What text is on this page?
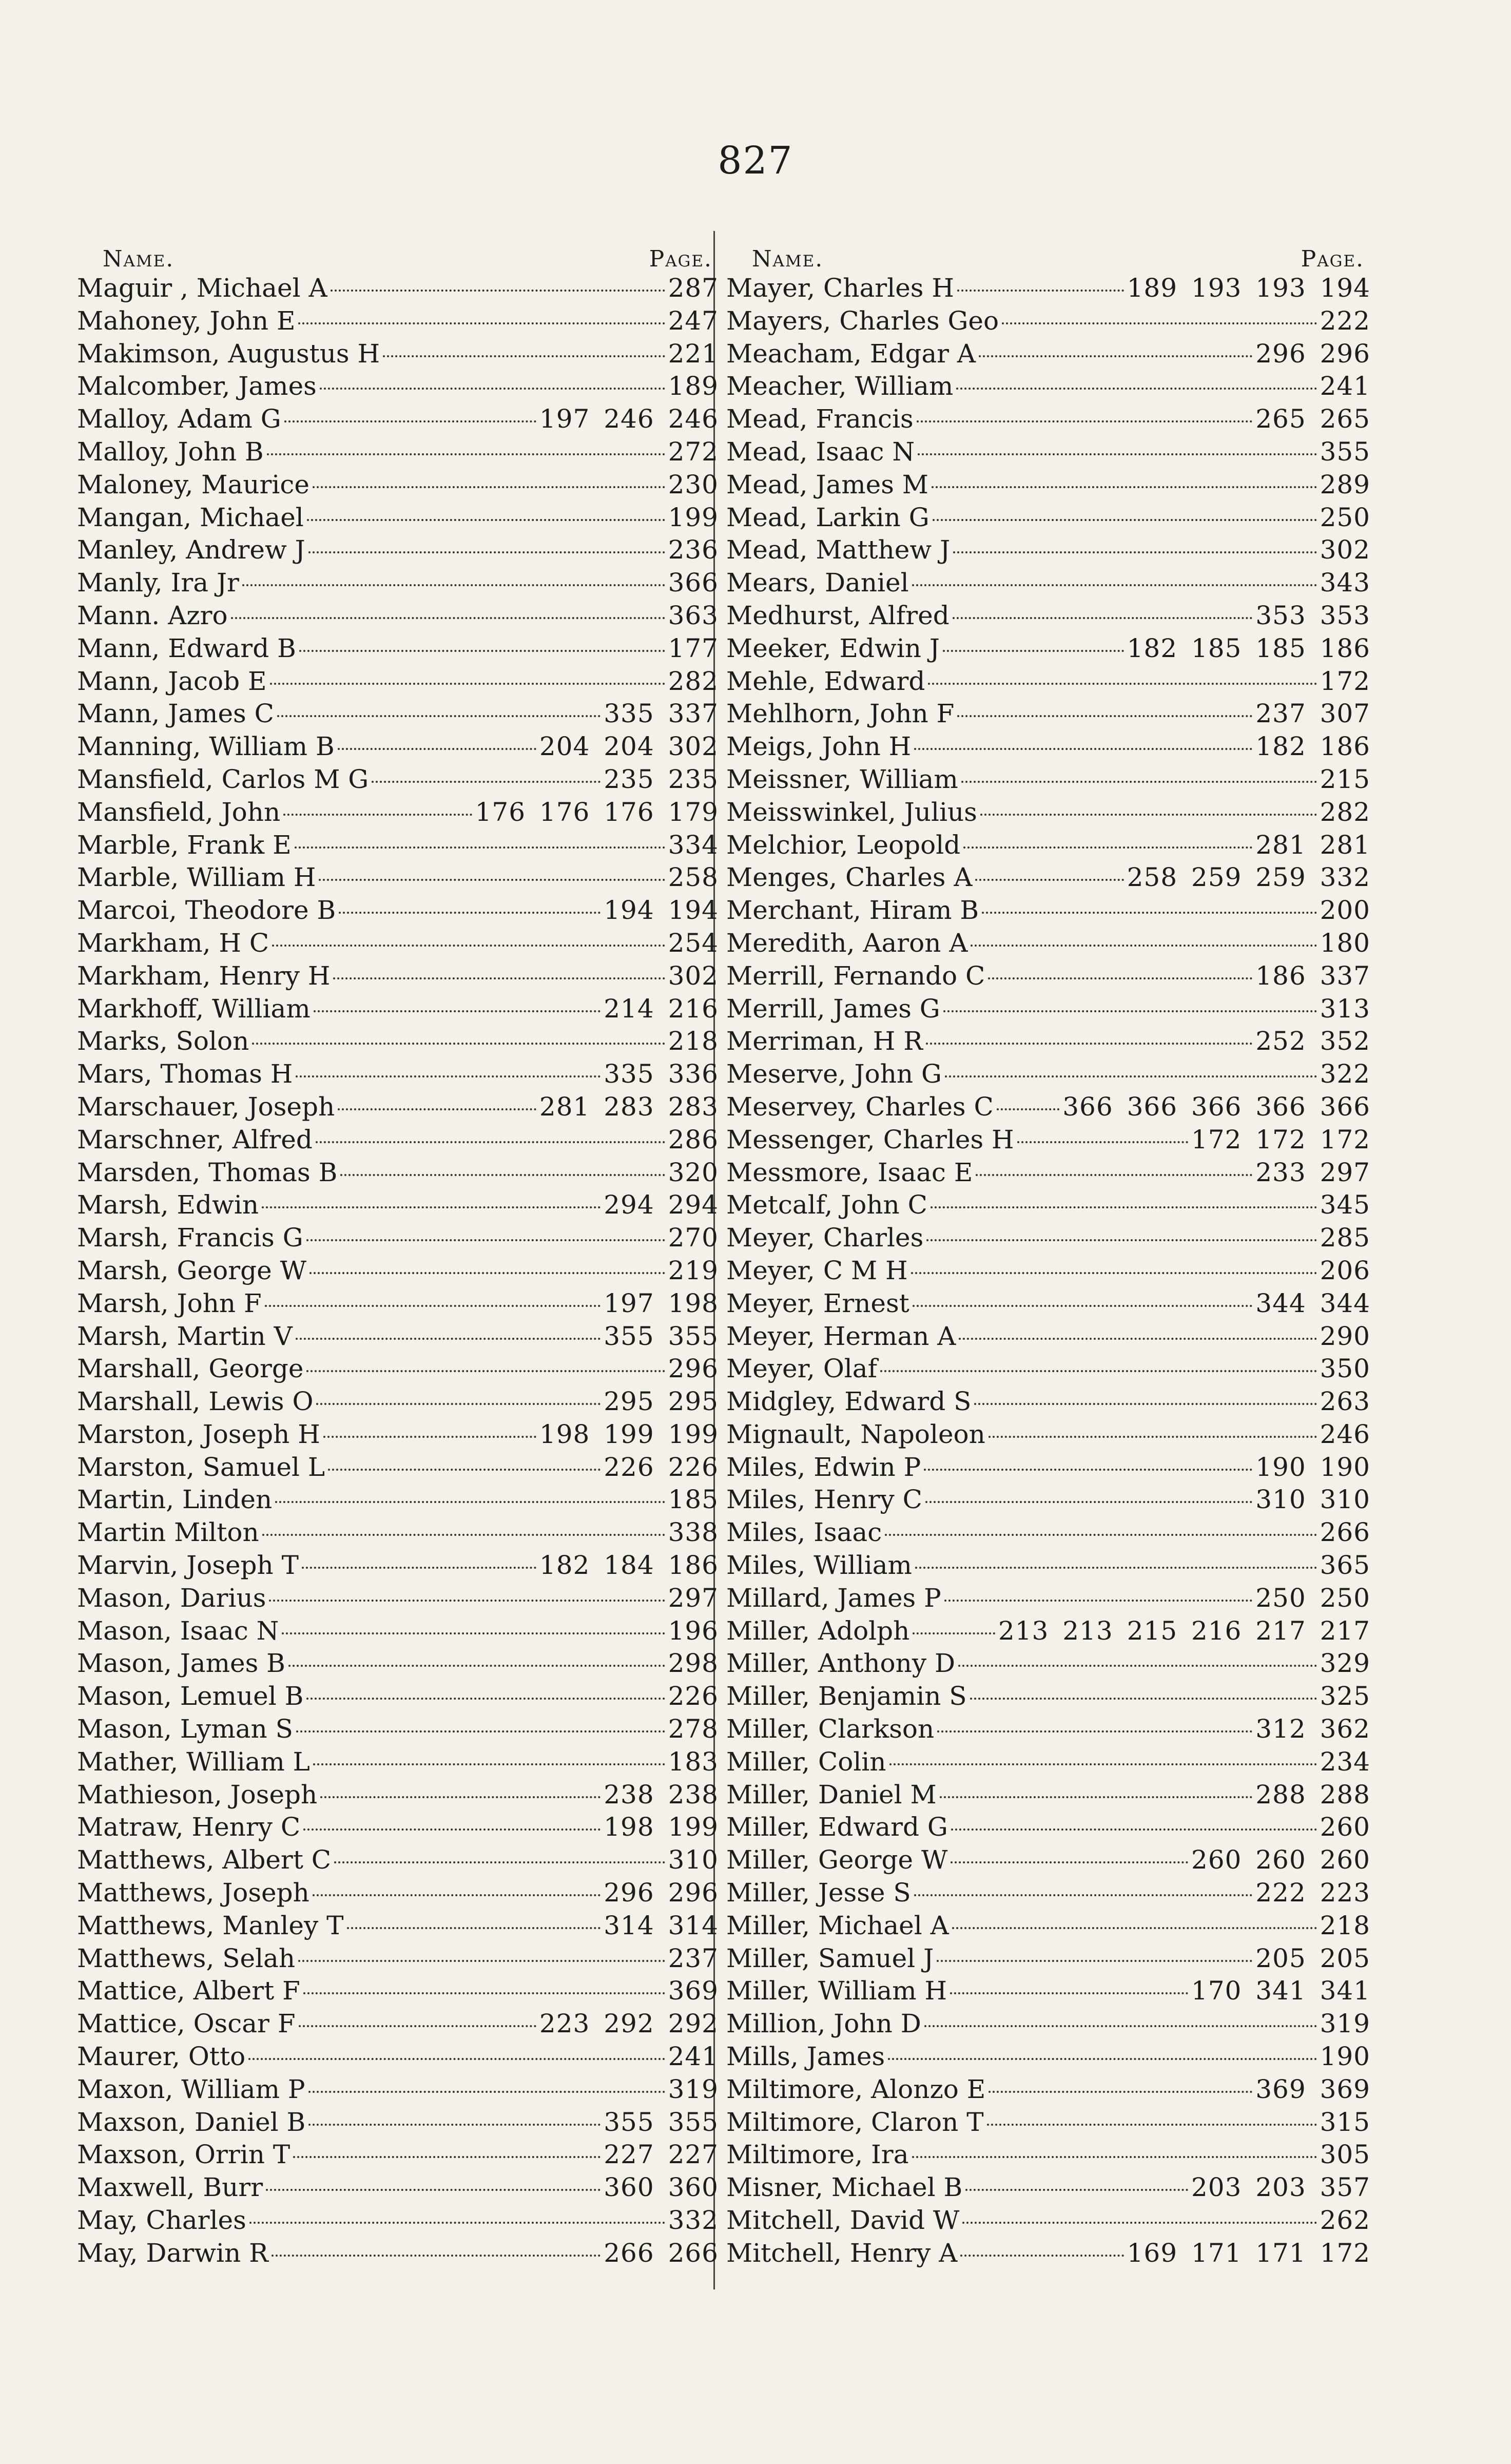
827
Name.	Page.
Maguir , Michael A	287
Mahoney, John E	247
Makimson, Augustus H	221
Malcomber, James	189
Malloy, Adam G	197 246 246
Malloy, John B	272
Maloney, Maurice	230
Mangan, Michael	199
Manley, Andrew J	236
Manly, Ira Jr	366
Mann. Azro	363
Mann, Edward B	177
Mann, Jacob E	282
Mann, James C	335 337
Manning, William B	204 204 302
Mansfield, Carlos M G	235 235
Mansfield, John	176 176 176 179
Marble, Frank E	334
Marble, William H	258
Marcoi, Theodore B	194 194
Markham, H C	254
Markham, Henry H	302
Markhoff, William	214 216
Marks, Solon	218
Mars, Thomas H	335 336
Marschauer, Joseph	281 283 283
Marschner, Alfred	286
Marsden, Thomas B	320
Marsh, Edwin	294 294
Marsh, Francis G	270
Marsh, George W	219
Marsh, John F	197 198
Marsh, Martin V	355 355
Marshall, George	296
Marshall, Lewis O	295 295
Marston, Joseph H	198 199 199
Marston, Samuel L	226 226
Martin, Linden	185
Martin Milton	338
Marvin, Joseph T	182 184 186
Mason, Darius	297
Mason, Isaac N	196
Mason, James B	298
Mason, Lemuel B	226
Mason, Lyman S	278
Mather, William L	183
Mathieson, Joseph	238 238
Matraw, Henry C	198 199
Matthews, Albert C	310
Matthews, Joseph	296 296
Matthews, Manley T	314 314
Matthews, Selah	237
Mattice, Albert F	369
Mattice, Oscar F	223 292 292
Maurer, Otto	241
Maxon, William P	319
Maxson, Daniel B	355 355
Maxson, Orrin T	227 227
Maxwell, Burr	360 360
May, Charles	332
May, Darwin R	266 266
Name.	Page.
Mayer, Charles H	189 193 193 194
Mayers, Charles Geo	222
Meacham, Edgar A	296 296
Meacher, William	241
Mead, Francis	265 265
Mead, Isaac N	355
Mead, James M	289
Mead, Larkin G	250
Mead, Matthew J	302
Mears, Daniel	343
Medhurst, Alfred	353 353
Meeker, Edwin J	182 185 185 186
Mehle, Edward	172
Mehlhorn, John F	237 307
Meigs, John H	182 186
Meissner, William	215
Meisswinkel, Julius	282
Melchior, Leopold	281 281
Menges, Charles A	258 259 259 332
Merchant, Hiram B	200
Meredith, Aaron A	180
Merrill, Fernando C	186 337
Merrill, James G	313
Merriman, H R	252 352
Meserve, John G	322
Meservey, Charles C	366 366 366 366 366
Messenger, Charles H	172 172 172
Messmore, Isaac E	233 297
Metcalf, John C	345
Meyer, Charles	285
Meyer, C M H	206
Meyer, Ernest	344 344
Meyer, Herman A	290
Meyer, Olaf	350
Midgley, Edward S	263
Mignault, Napoleon	246
Miles, Edwin P	190 190
Miles, Henry C	310 310
Miles, Isaac	266
Miles, William	365
Millard, James P	250 250
Miller, Adolph	213 213 215 216 217 217
Miller, Anthony D	329
Miller, Benjamin S	325
Miller, Clarkson	312 362
Miller, Colin	234
Miller, Daniel M	288 288
Miller, Edward G	260
Miller, George W	260 260 260
Miller, Jesse S	222 223
Miller, Michael A	218
Miller, Samuel J	205 205
Miller, William H	170 341 341
Million, John D	319
Mills, James	190
Miltimore, Alonzo E	369 369
Miltimore, Claron T	315
Miltimore, Ira	305
Misner, Michael B	203 203 357
Mitchell, David W	262
Mitchell, Henry A	169 171 171 172
